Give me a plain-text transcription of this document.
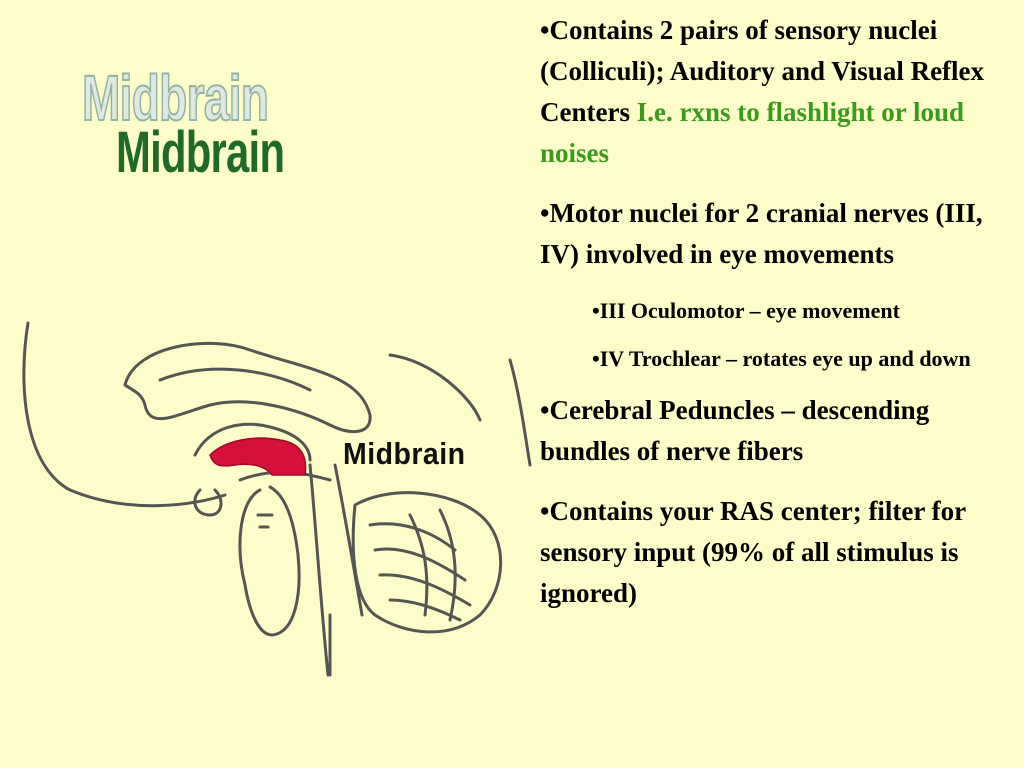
Midbrain
Midbrain
Midbrain

•Contains 2 pairs of sensory nuclei (Colliculi); Auditory and Visual Reflex Centers I.e. rxns to flashlight or loud noises

•Motor nuclei for 2 cranial nerves (III, IV) involved in eye movements

•III Oculomotor – eye movement

•IV Trochlear – rotates eye up and down

•Cerebral Peduncles – descending bundles of nerve fibers

•Contains your RAS center; filter for sensory input (99% of all stimulus is ignored)
